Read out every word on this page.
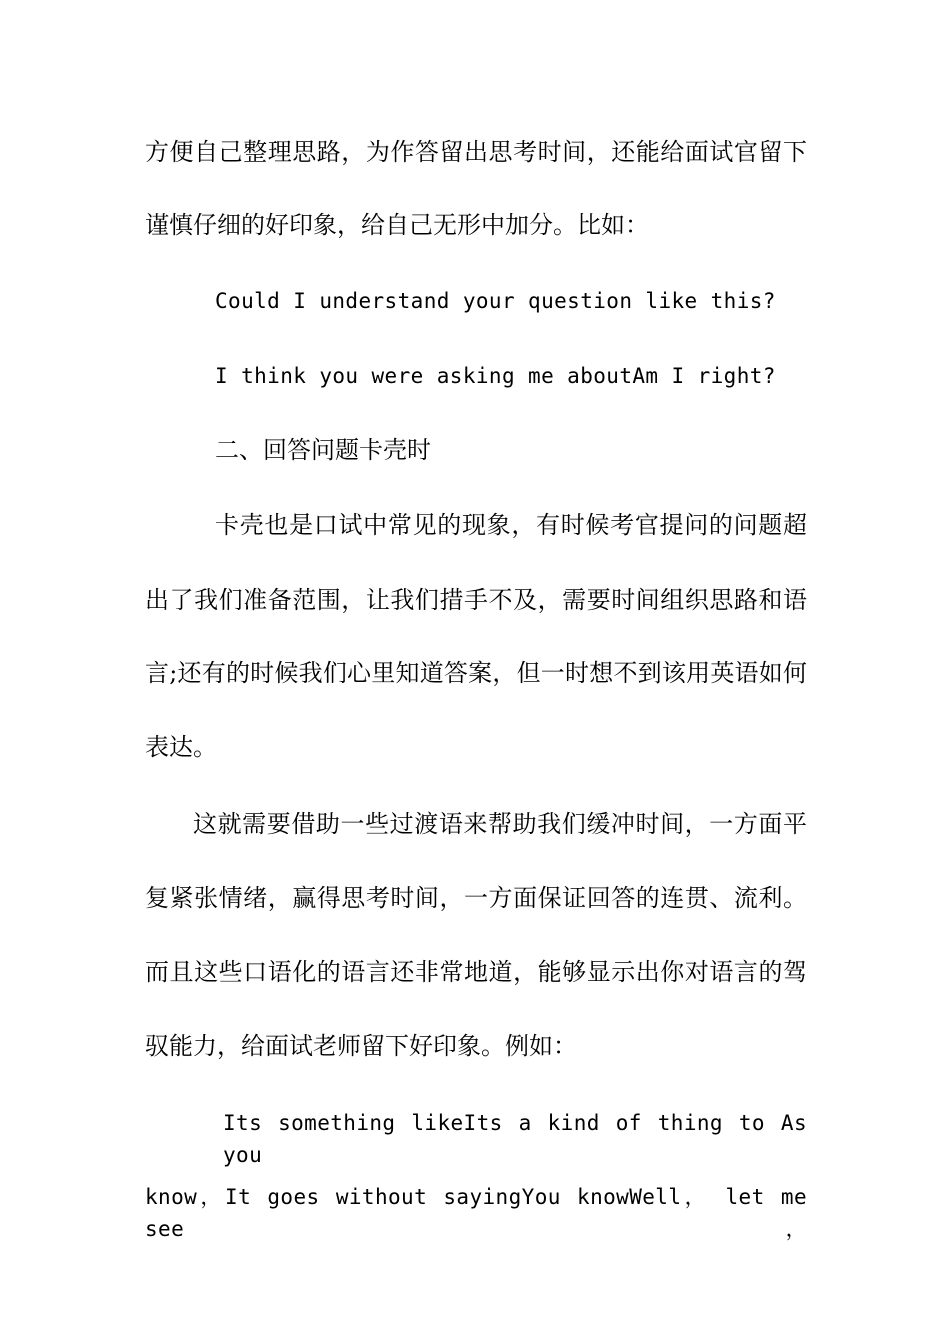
方便自己整理思路，为作答留出思考时间，还能给面试官留下
谨慎仔细的好印象，给自己无形中加分。比如：
Could I understand your question like this?
I think you were asking me aboutAm I right?
二、回答问题卡壳时
卡壳也是口试中常见的现象，有时候考官提问的问题超
出了我们准备范围，让我们措手不及，需要时间组织思路和语
言;还有的时候我们心里知道答案，但一时想不到该用英语如何
表达。
这就需要借助一些过渡语来帮助我们缓冲时间，一方面平
复紧张情绪，赢得思考时间，一方面保证回答的连贯、流利。
而且这些口语化的语言还非常地道，能够显示出你对语言的驾
驭能力，给面试老师留下好印象。例如：
Its something likeIts a kind of thing to As you
know，It goes without sayingYou knowWell， let me see，
